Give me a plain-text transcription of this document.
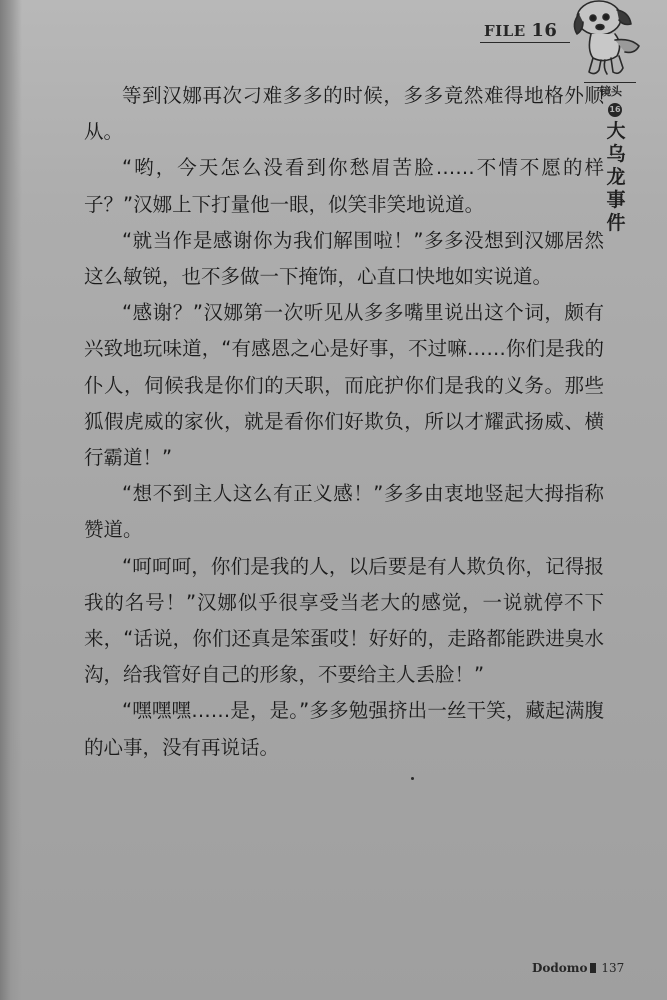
FILE 16
镜头
16
大乌龙事件

等到汉娜再次刁难多多的时候，多多竟然难得地格外顺从。

“哟，今天怎么没看到你愁眉苦脸……不情不愿的样子？”汉娜上下打量他一眼，似笑非笑地说道。

“就当作是感谢你为我们解围啦！”多多没想到汉娜居然这么敏锐，也不多做一下掩饰，心直口快地如实说道。

“感谢？”汉娜第一次听见从多多嘴里说出这个词，颇有兴致地玩味道，“有感恩之心是好事，不过嘛……你们是我的仆人，伺候我是你们的天职，而庇护你们是我的义务。那些狐假虎威的家伙，就是看你们好欺负，所以才耀武扬威、横行霸道！”

“想不到主人这么有正义感！”多多由衷地竖起大拇指称赞道。

“呵呵呵，你们是我的人，以后要是有人欺负你，记得报我的名号！”汉娜似乎很享受当老大的感觉，一说就停不下来，“话说，你们还真是笨蛋哎！好好的，走路都能跌进臭水沟，给我管好自己的形象，不要给主人丢脸！”

“嘿嘿嘿……是，是。”多多勉强挤出一丝干笑，藏起满腹的心事，没有再说话。

Dodomo 137
